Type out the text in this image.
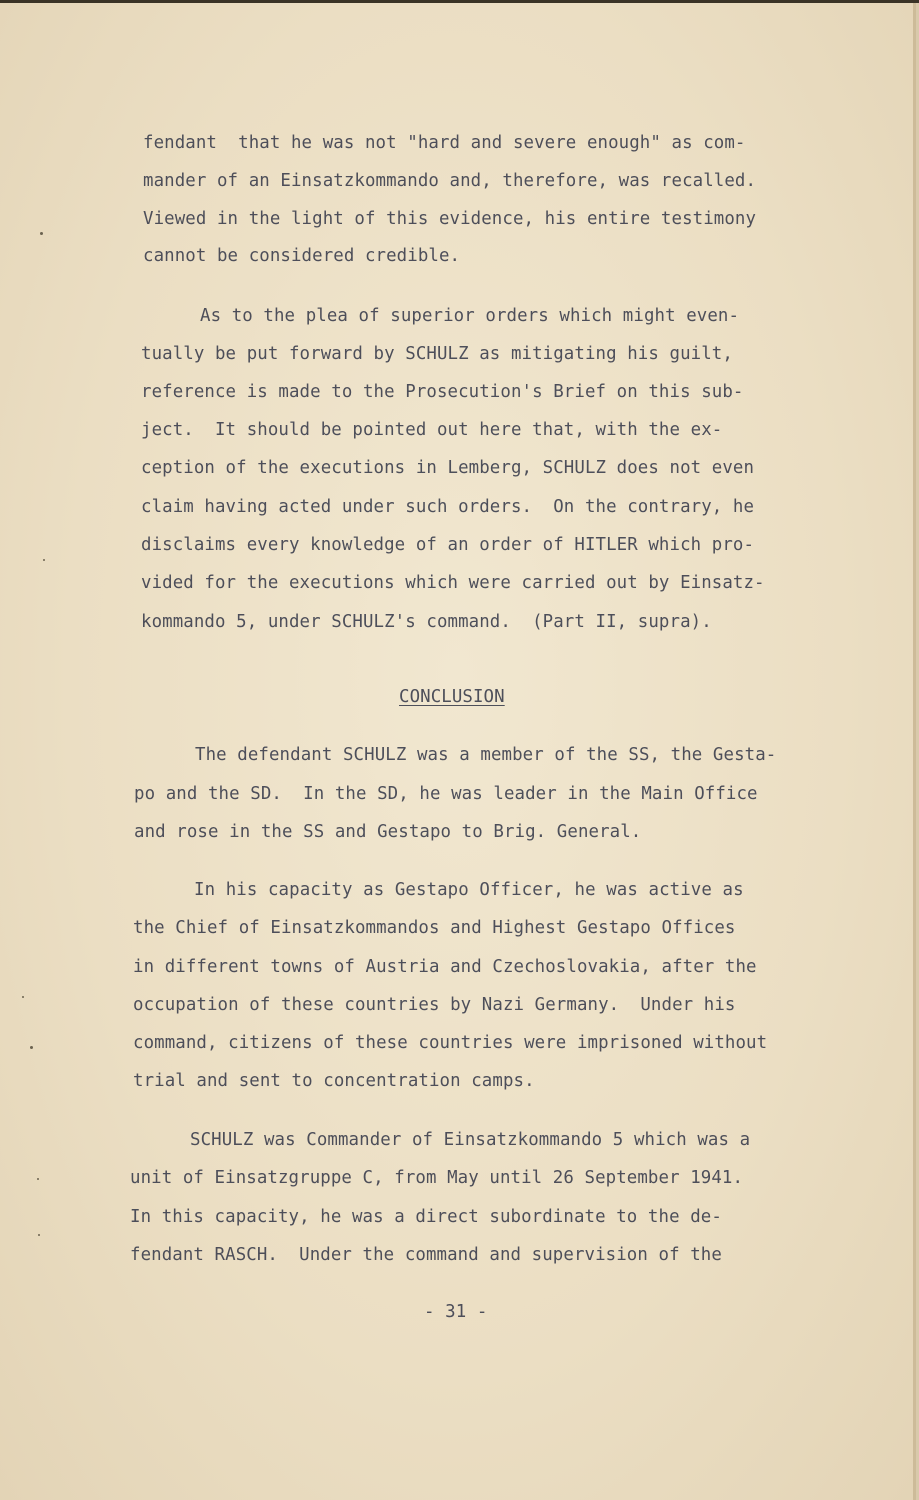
fendant  that he was not "hard and severe enough" as com-
mander of an Einsatzkommando and, therefore, was recalled.
Viewed in the light of this evidence, his entire testimony
cannot be considered credible.
As to the plea of superior orders which might even-
tually be put forward by SCHULZ as mitigating his guilt,
reference is made to the Prosecution's Brief on this sub-
ject.  It should be pointed out here that, with the ex-
ception of the executions in Lemberg, SCHULZ does not even
claim having acted under such orders.  On the contrary, he
disclaims every knowledge of an order of HITLER which pro-
vided for the executions which were carried out by Einsatz-
kommando 5, under SCHULZ's command.  (Part II, supra).
CONCLUSION
The defendant SCHULZ was a member of the SS, the Gesta-
po and the SD.  In the SD, he was leader in the Main Office
and rose in the SS and Gestapo to Brig. General.
In his capacity as Gestapo Officer, he was active as
the Chief of Einsatzkommandos and Highest Gestapo Offices
in different towns of Austria and Czechoslovakia, after the
occupation of these countries by Nazi Germany.  Under his
command, citizens of these countries were imprisoned without
trial and sent to concentration camps.
SCHULZ was Commander of Einsatzkommando 5 which was a
unit of Einsatzgruppe C, from May until 26 September 1941.
In this capacity, he was a direct subordinate to the de-
fendant RASCH.  Under the command and supervision of the
- 31 -
